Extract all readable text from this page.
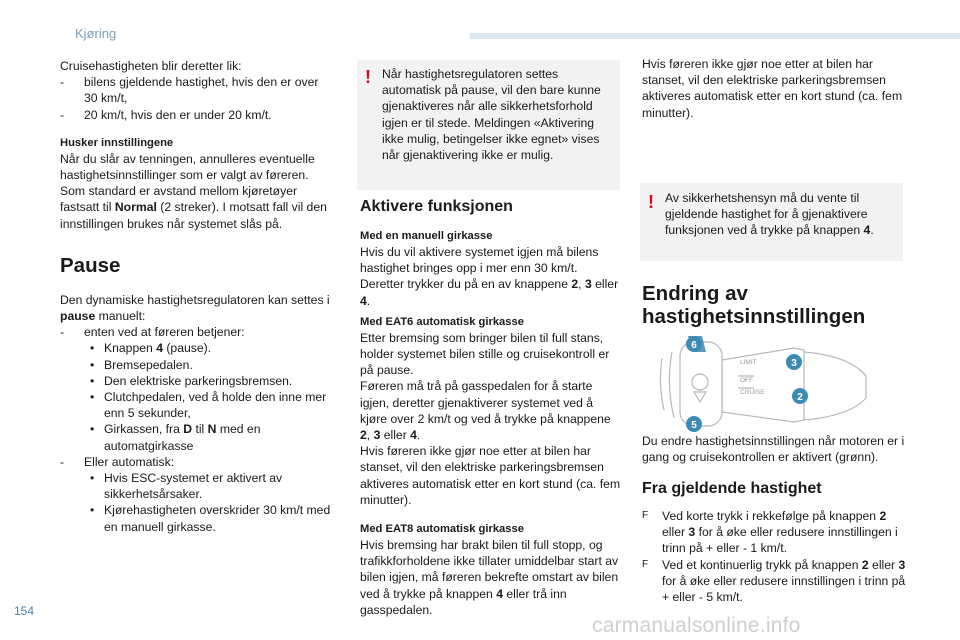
Kjøring
Cruisehastigheten blir deretter lik:
- bilens gjeldende hastighet, hvis den er over 30 km/t,
- 20 km/t, hvis den er under 20 km/t.
Husker innstillingene
Når du slår av tenningen, annulleres eventuelle hastighetsinnstillinger som er valgt av føreren. Som standard er avstand mellom kjøretøyer fastsatt til Normal (2 streker). I motsatt fall vil den innstillingen brukes når systemet slås på.
Pause
Den dynamiske hastighetsregulatoren kan settes i pause manuelt:
- enten ved at føreren betjener:
• Knappen 4 (pause).
• Bremsepedalen.
• Den elektriske parkeringsbremsen.
• Clutchpedalen, ved å holde den inne mer enn 5 sekunder,
• Girkassen, fra D til N med en automatgirkasse
- Eller automatisk:
• Hvis ESC-systemet er aktivert av sikkerhetsårsaker.
• Kjørehastigheten overskrider 30 km/t med en manuell girkasse.
! Når hastighetsregulatoren settes automatisk på pause, vil den bare kunne gjenaktiveres når alle sikkerhetsforhold igjen er til stede. Meldingen «Aktivering ikke mulig, betingelser ikke egnet» vises når gjenaktivering ikke er mulig.
Aktivere funksjonen
Med en manuell girkasse
Hvis du vil aktivere systemet igjen må bilens hastighet bringes opp i mer enn 30 km/t. Deretter trykker du på en av knappene 2, 3 eller 4.
Med EAT6 automatisk girkasse
Etter bremsing som bringer bilen til full stans, holder systemet bilen stille og cruisekontroll er på pause.
Føreren må trå på gasspedalen for å starte igjen, deretter gjenaktiverer systemet ved å kjøre over 2 km/t og ved å trykke på knappene 2, 3 eller 4.
Hvis føreren ikke gjør noe etter at bilen har stanset, vil den elektriske parkeringsbremsen aktiveres automatisk etter en kort stund (ca. fem minutter).
Med EAT8 automatisk girkasse
Hvis bremsing har brakt bilen til full stopp, og trafikkforholdene ikke tillater umiddelbar start av bilen igjen, må føreren bekrefte omstart av bilen ved å trykke på knappen 4 eller trå inn gasspedalen.
Hvis føreren ikke gjør noe etter at bilen har stanset, vil den elektriske parkeringsbremsen aktiveres automatisk etter en kort stund (ca. fem minutter).
! Av sikkerhetshensyn må du vente til gjeldende hastighet for å gjenaktivere funksjonen ved å trykke på knappen 4.
Endring av
hastighetsinnstillingen
LIMIT
OFF
CRUISE
6
3
2
5
Du endre hastighetsinnstillingen når motoren er i gang og cruisekontrollen er aktivert (grønn).
Fra gjeldende hastighet
F Ved korte trykk i rekkefølge på knappen 2 eller 3 for å øke eller redusere innstillingen i trinn på + eller - 1 km/t.
F Ved et kontinuerlig trykk på knappen 2 eller 3 for å øke eller redusere innstillingen i trinn på + eller - 5 km/t.
154
carmanualsonline.info
